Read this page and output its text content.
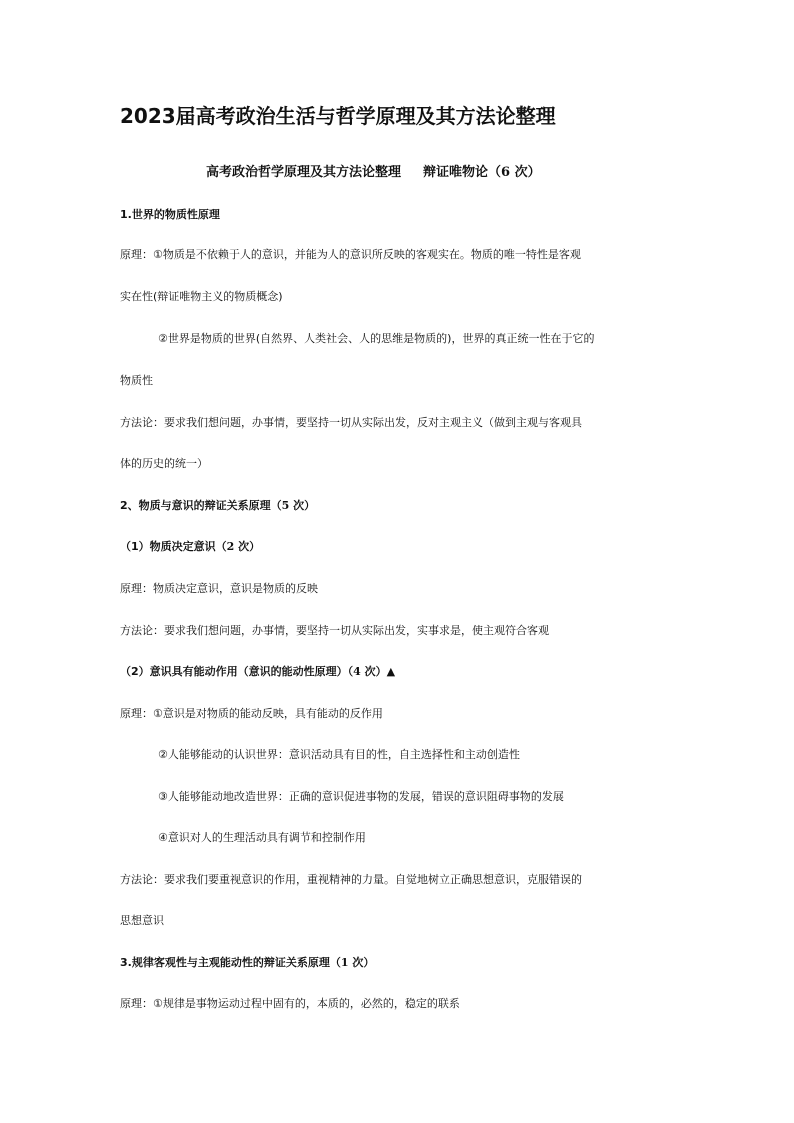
2023届高考政治生活与哲学原理及其方法论整理
高考政治哲学原理及其方法论整理 辩证唯物论（6 次）
1.世界的物质性原理
原理：①物质是不依赖于人的意识，并能为人的意识所反映的客观实在。物质的唯一特性是客观
实在性(辩证唯物主义的物质概念)
②世界是物质的世界(自然界、人类社会、人的思维是物质的)，世界的真正统一性在于它的
物质性
方法论：要求我们想问题，办事情，要坚持一切从实际出发，反对主观主义（做到主观与客观具
体的历史的统一）
2、物质与意识的辩证关系原理（5 次）
（1）物质决定意识（2 次）
原理：物质决定意识，意识是物质的反映
方法论：要求我们想问题，办事情，要坚持一切从实际出发，实事求是，使主观符合客观
（2）意识具有能动作用（意识的能动性原理）（4 次）▲
原理：①意识是对物质的能动反映，具有能动的反作用
②人能够能动的认识世界：意识活动具有目的性，自主选择性和主动创造性
③人能够能动地改造世界：正确的意识促进事物的发展，错误的意识阻碍事物的发展
④意识对人的生理活动具有调节和控制作用
方法论：要求我们要重视意识的作用，重视精神的力量。自觉地树立正确思想意识，克服错误的
思想意识
3.规律客观性与主观能动性的辩证关系原理（1 次）
原理：①规律是事物运动过程中固有的，本质的，必然的，稳定的联系
